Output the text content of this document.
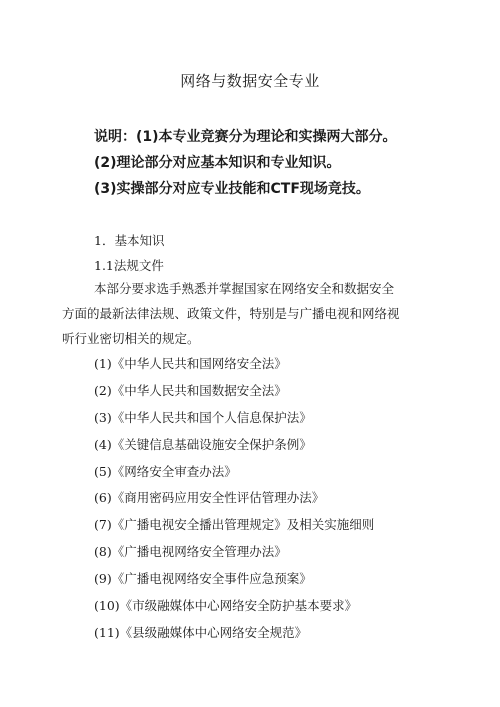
网络与数据安全专业
说明：(1)本专业竞赛分为理论和实操两大部分。
(2)理论部分对应基本知识和专业知识。
(3)实操部分对应专业技能和CTF现场竞技。
1．基本知识
1.1法规文件
本部分要求选手熟悉并掌握国家在网络安全和数据安全
方面的最新法律法规、政策文件，特别是与广播电视和网络视
听行业密切相关的规定。
(1)《中华人民共和国网络安全法》
(2)《中华人民共和国数据安全法》
(3)《中华人民共和国个人信息保护法》
(4)《关键信息基础设施安全保护条例》
(5)《网络安全审查办法》
(6)《商用密码应用安全性评估管理办法》
(7)《广播电视安全播出管理规定》及相关实施细则
(8)《广播电视网络安全管理办法》
(9)《广播电视网络安全事件应急预案》
(10)《市级融媒体中心网络安全防护基本要求》
(11)《县级融媒体中心网络安全规范》
